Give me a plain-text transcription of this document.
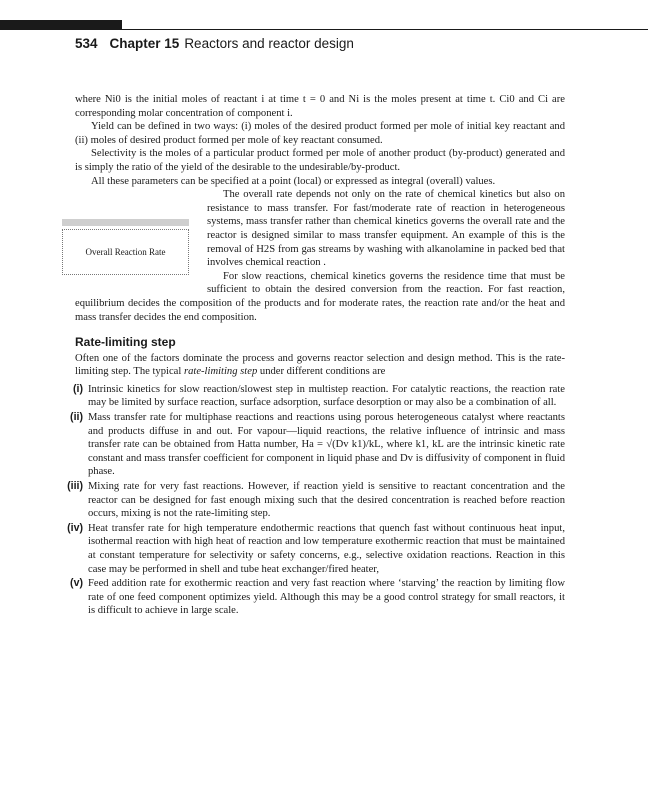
534 Chapter 15 Reactors and reactor design

where Ni0 is the initial moles of reactant i at time t = 0 and Ni is the moles present at time t. Ci0 and Ci are corresponding molar concentration of component i.

Yield can be defined in two ways: (i) moles of the desired product formed per mole of initial key reactant and (ii) moles of desired product formed per mole of key reactant consumed.

Selectivity is the moles of a particular product formed per mole of another product (by-product) generated and is simply the ratio of the yield of the desirable to the undesirable/by-product.

All these parameters can be specified at a point (local) or expressed as integral (overall) values.

The overall rate depends not only on the rate of chemical kinetics but also on resistance to mass transfer. For fast/moderate rate of reaction in heterogeneous systems, mass transfer rather than chemical kinetics governs the overall rate and the reactor is designed similar to mass transfer equipment. An example of this is the removal of H2S from gas streams by washing with alkanolamine in packed bed that involves chemical reaction .

For slow reactions, chemical kinetics governs the residence time that must be sufficient to obtain the desired conversion from the reaction. For fast reaction, equilibrium decides the composition of the products and for moderate rates, the reaction rate and/or the heat and mass transfer decides the end composition.

Rate-limiting step

Often one of the factors dominate the process and governs reactor selection and design method. This is the rate-limiting step. The typical rate-limiting step under different conditions are

(i) Intrinsic kinetics for slow reaction/slowest step in multistep reaction. For catalytic reactions, the reaction rate may be limited by surface reaction, surface adsorption, surface desorption or may also be a combination of all.
(ii) Mass transfer rate for multiphase reactions and reactions using porous heterogeneous catalyst where reactants and products diffuse in and out. For vapour—liquid reactions, the relative influence of intrinsic and mass transfer rate can be obtained from Hatta number, Ha = √(Dv k1)/kL, where k1, kL are the intrinsic kinetic rate constant and mass transfer coefficient for component in liquid phase and Dv is diffusivity of component in fluid phase.
(iii) Mixing rate for very fast reactions. However, if reaction yield is sensitive to reactant concentration and the reactor can be designed for fast enough mixing such that the desired concentration is reached before reaction occurs, mixing is not the rate-limiting step.
(iv) Heat transfer rate for high temperature endothermic reactions that quench fast without continuous heat input, isothermal reaction with high heat of reaction and low temperature exothermic reaction that must be maintained at constant temperature for selectivity or safety concerns, e.g., selective oxidation reactions. Reaction in this case may be performed in shell and tube heat exchanger/fired heater,
(v) Feed addition rate for exothermic reaction and very fast reaction where ‘starving’ the reaction by limiting flow rate of one feed component optimizes yield. Although this may be a good control strategy for small reactors, it is difficult to achieve in large scale.
Overall Reaction Rate
